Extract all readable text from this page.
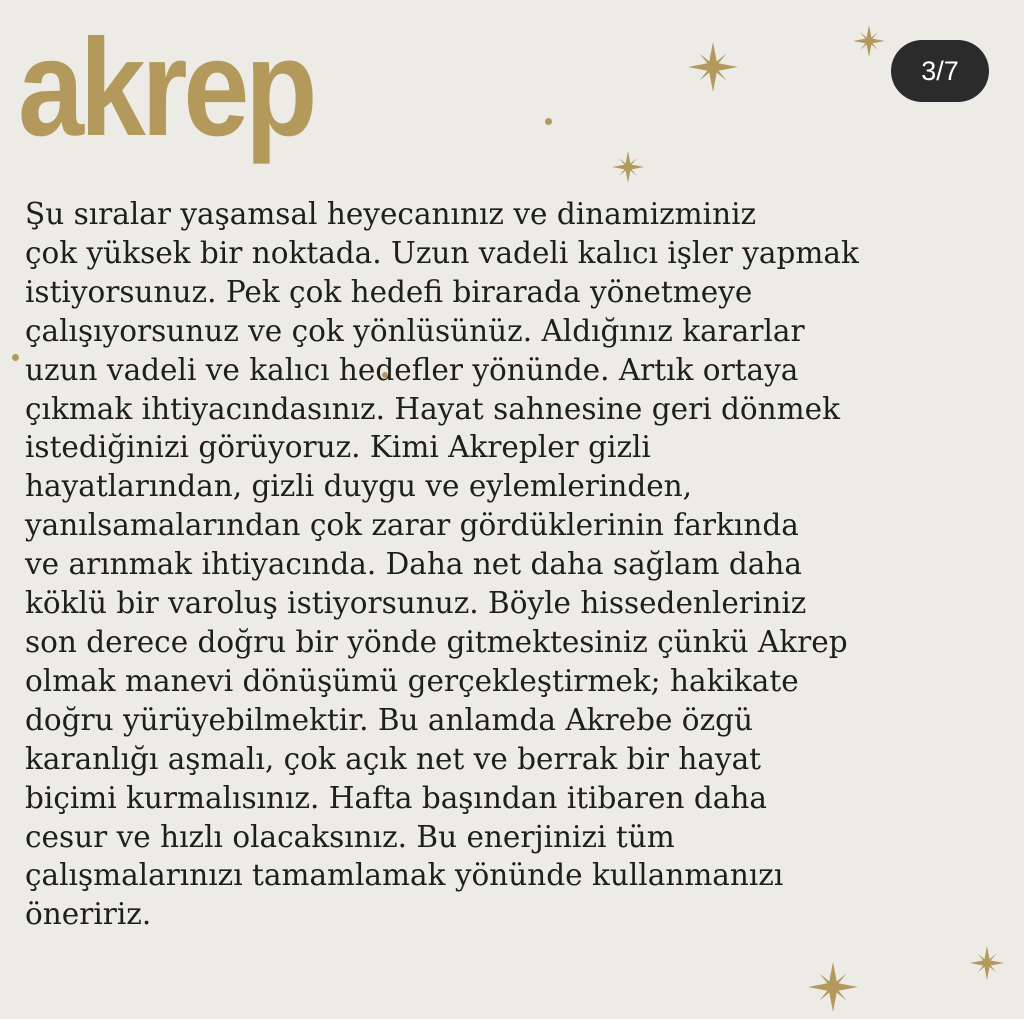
akrep	3/7

Şu sıralar yaşamsal heyecanınız ve dinamizminiz
çok yüksek bir noktada. Uzun vadeli kalıcı işler yapmak
istiyorsunuz. Pek çok hedefi birarada yönetmeye
çalışıyorsunuz ve çok yönlüsünüz. Aldığınız kararlar
uzun vadeli ve kalıcı hedefler yönünde. Artık ortaya
çıkmak ihtiyacındasınız. Hayat sahnesine geri dönmek
istediğinizi görüyoruz. Kimi Akrepler gizli
hayatlarından, gizli duygu ve eylemlerinden,
yanılsamalarından çok zarar gördüklerinin farkında
ve arınmak ihtiyacında. Daha net daha sağlam daha
köklü bir varoluş istiyorsunuz. Böyle hissedenleriniz
son derece doğru bir yönde gitmektesiniz çünkü Akrep
olmak manevi dönüşümü gerçekleştirmek; hakikate
doğru yürüyebilmektir. Bu anlamda Akrebe özgü
karanlığı aşmalı, çok açık net ve berrak bir hayat
biçimi kurmalısınız. Hafta başından itibaren daha
cesur ve hızlı olacaksınız. Bu enerjinizi tüm
çalışmalarınızı tamamlamak yönünde kullanmanızı
öneririz.
